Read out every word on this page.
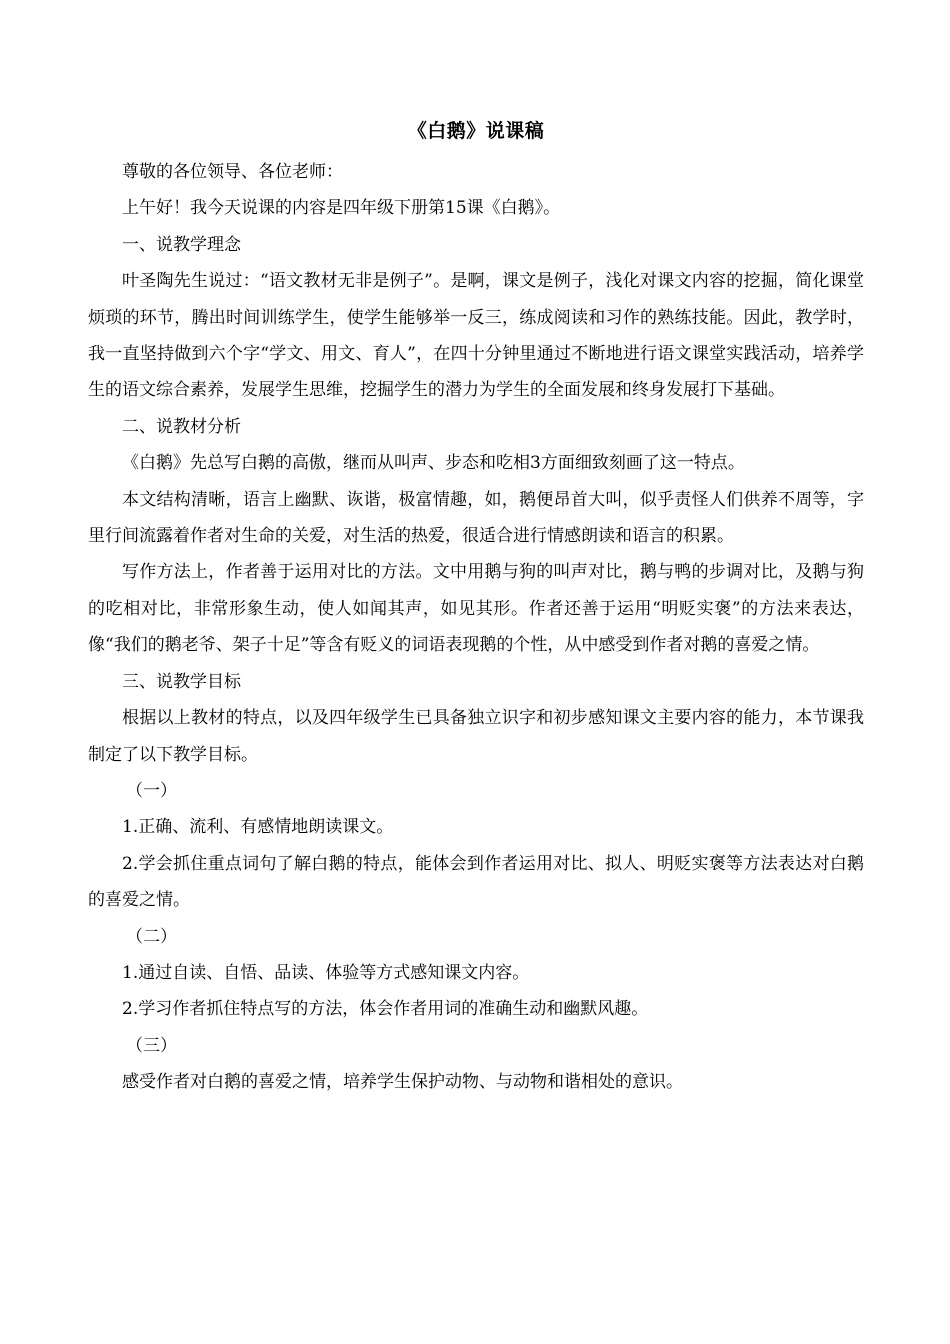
《白鹅》说课稿

尊敬的各位领导、各位老师：

上午好！我今天说课的内容是四年级下册第15课《白鹅》。

一、说教学理念

叶圣陶先生说过：“语文教材无非是例子”。是啊，课文是例子，浅化对课文内容的挖掘，简化课堂烦琐的环节，腾出时间训练学生，使学生能够举一反三，练成阅读和习作的熟练技能。因此，教学时，我一直坚持做到六个字“学文、用文、育人”，在四十分钟里通过不断地进行语文课堂实践活动，培养学生的语文综合素养，发展学生思维，挖掘学生的潜力为学生的全面发展和终身发展打下基础。

二、说教材分析

《白鹅》先总写白鹅的高傲，继而从叫声、步态和吃相3方面细致刻画了这一特点。

本文结构清晰，语言上幽默、诙谐，极富情趣，如，鹅便昂首大叫，似乎责怪人们供养不周等，字里行间流露着作者对生命的关爱，对生活的热爱，很适合进行情感朗读和语言的积累。

写作方法上，作者善于运用对比的方法。文中用鹅与狗的叫声对比，鹅与鸭的步调对比，及鹅与狗的吃相对比，非常形象生动，使人如闻其声，如见其形。作者还善于运用“明贬实褒”的方法来表达，像“我们的鹅老爷、架子十足”等含有贬义的词语表现鹅的个性，从中感受到作者对鹅的喜爱之情。

三、说教学目标

根据以上教材的特点，以及四年级学生已具备独立识字和初步感知课文主要内容的能力，本节课我制定了以下教学目标。

（一）

1.正确、流利、有感情地朗读课文。

2.学会抓住重点词句了解白鹅的特点，能体会到作者运用对比、拟人、明贬实褒等方法表达对白鹅的喜爱之情。

（二）

1.通过自读、自悟、品读、体验等方式感知课文内容。

2.学习作者抓住特点写的方法，体会作者用词的准确生动和幽默风趣。

（三）

感受作者对白鹅的喜爱之情，培养学生保护动物、与动物和谐相处的意识。
